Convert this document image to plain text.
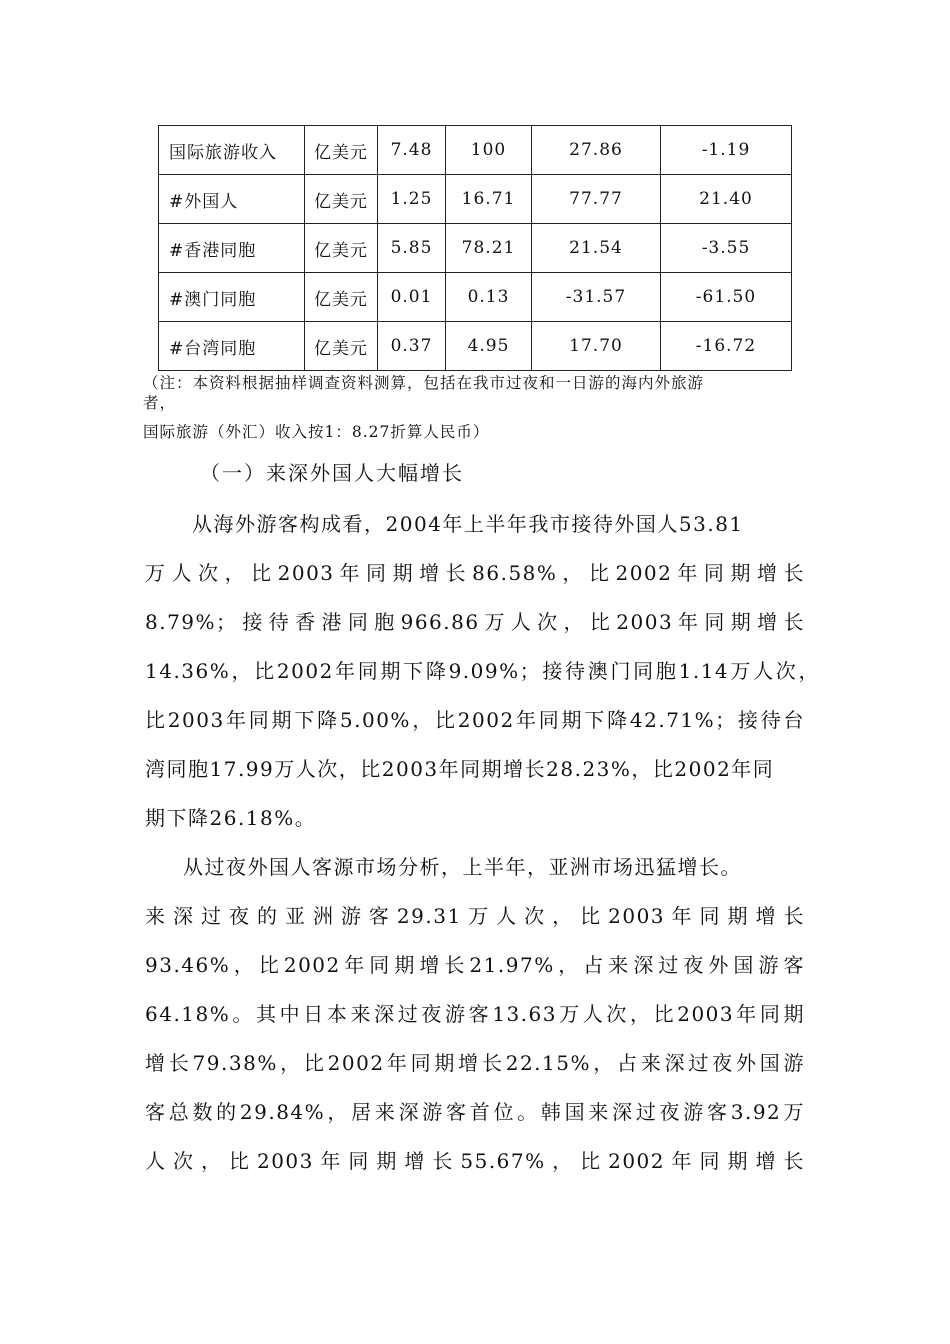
国际旅游收入	亿美元	7.48	100	27.86	-1.19
#外国人	亿美元	1.25	16.71	77.77	21.40
#香港同胞	亿美元	5.85	78.21	21.54	-3.55
#澳门同胞	亿美元	0.01	0.13	-31.57	-61.50
#台湾同胞	亿美元	0.37	4.95	17.70	-16.72
（注：本资料根据抽样调查资料测算，包括在我市过夜和一日游的海内外旅游
者，
国际旅游（外汇）收入按1：8.27折算人民币）
（一）来深外国人大幅增长
从海外游客构成看，2004年上半年我市接待外国人53.81
万人次，比2003年同期增长86.58%，比2002年同期增长
8.79%；接待香港同胞966.86万人次，比2003年同期增长
14.36%，比2002年同期下降9.09%；接待澳门同胞1.14万人次，
比2003年同期下降5.00%，比2002年同期下降42.71%；接待台
湾同胞17.99万人次，比2003年同期增长28.23%，比2002年同
期下降26.18%。
从过夜外国人客源市场分析，上半年，亚洲市场迅猛增长。
来深过夜的亚洲游客29.31万人次，比2003年同期增长
93.46%，比2002年同期增长21.97%，占来深过夜外国游客
64.18%。其中日本来深过夜游客13.63万人次，比2003年同期
增长79.38%，比2002年同期增长22.15%，占来深过夜外国游
客总数的29.84%，居来深游客首位。韩国来深过夜游客3.92万
人次，比2003年同期增长55.67%，比2002年同期增长
